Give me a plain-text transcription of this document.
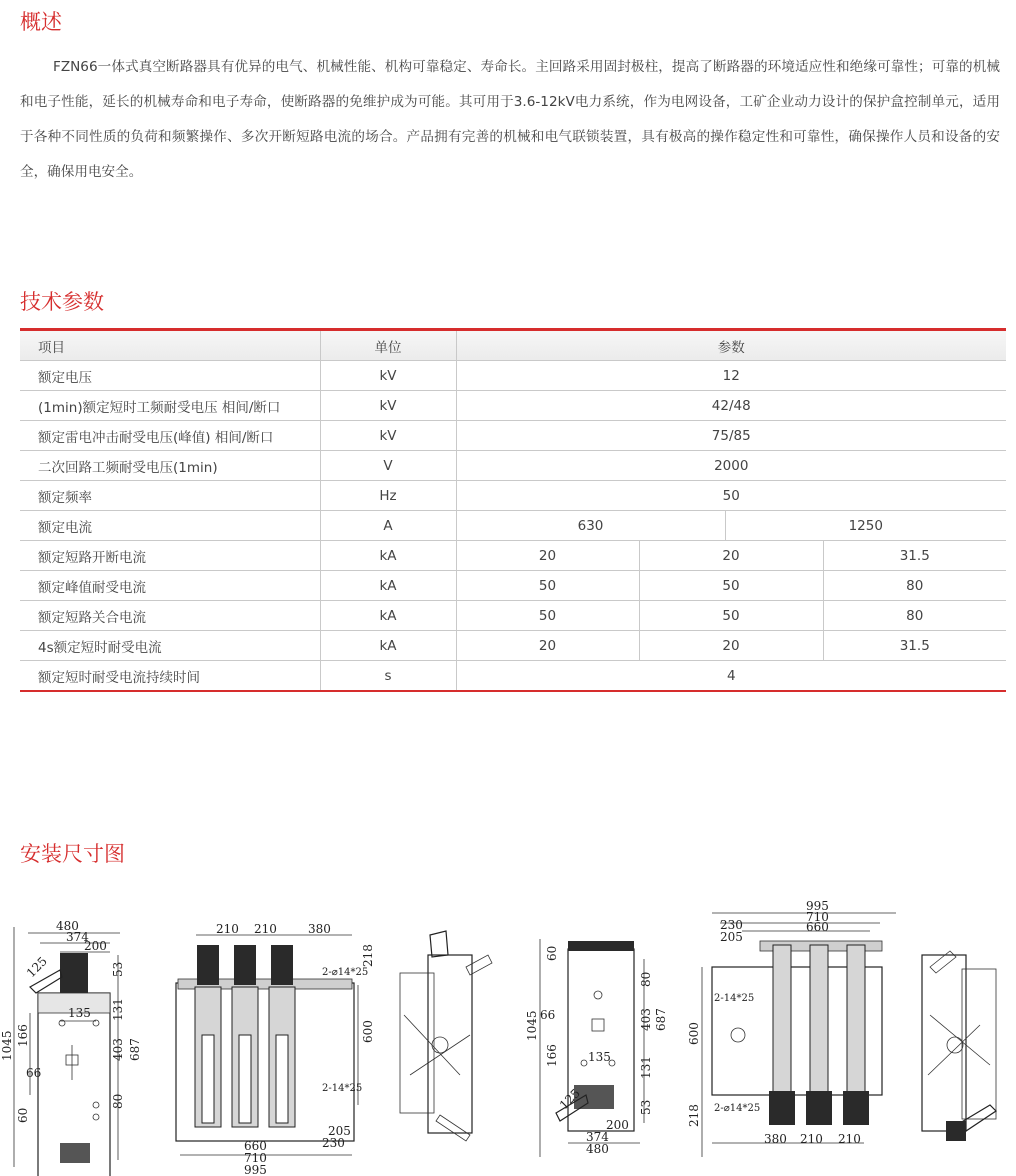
概述

FZN66一体式真空断路器具有优异的电气、机械性能、机构可靠稳定、寿命长。主回路采用固封极柱，提高了断路器的环境适应性和绝缘可靠性；可靠的机械和电子性能，延长的机械寿命和电子寿命，使断路器的免维护成为可能。其可用于3.6-12kV电力系统，作为电网设备，工矿企业动力设计的保护盒控制单元，适用于各种不同性质的负荷和频繁操作、多次开断短路电流的场合。产品拥有完善的机械和电气联锁装置，具有极高的操作稳定性和可靠性，确保操作人员和设备的安全，确保用电安全。

技术参数
项目	单位	参数			
额定电压	kV	12			
(1min)额定短时工频耐受电压 相间/断口	kV	42/48			
额定雷电冲击耐受电压(峰值) 相间/断口	kV	75/85			
二次回路工频耐受电压(1min)	V	2000			
额定频率	Hz	50			
额定电流	A	630		1250	
额定短路开断电流	kA	20	20		31.5
额定峰值耐受电流	kA	50	50		80
额定短路关合电流	kA	50	50		80
4s额定短时耐受电流	kA	20	20		31.5
额定短时耐受电流持续时间	s	4			
安装尺寸图
480
374
200
125	53
131
403 687
80
135
1045 166
66
60
210 210	380
2-⌀14*25
2-14*25
600
218
205
230
660
710
995
1045
60
166
66
80
403 687
131
53
135
125
200
374
480
995
710
660
230
205
2-14*25
2-⌀14*25
600
218
380 210 210
